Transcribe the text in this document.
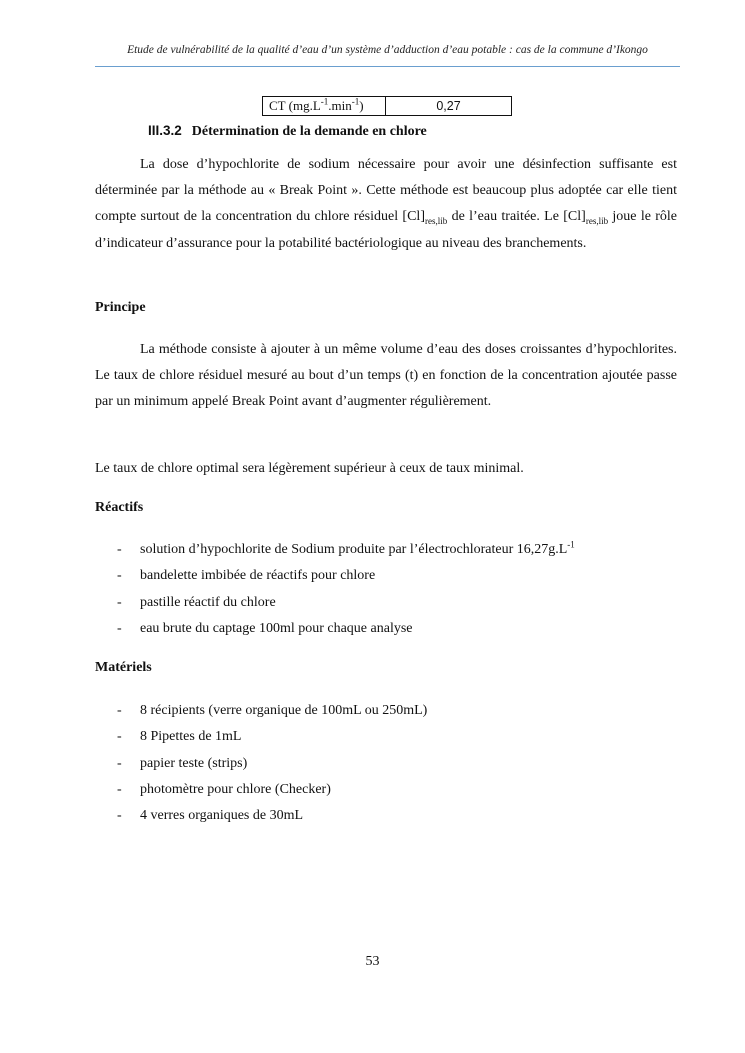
Etude de vulnérabilité de la qualité d’eau d’un système d’adduction d’eau potable : cas de la commune d’Ikongo
CT $(mg.L^{-1}.\min^{-1})$	0,27
III.3.2 Détermination de la demande en chlore

La dose d’hypochlorite de sodium nécessaire pour avoir une désinfection suffisante est déterminée par la méthode au « Break Point ». Cette méthode est beaucoup plus adoptée car elle tient compte surtout de la concentration du chlore résiduel $[Cl]_{res,lib}$ de l’eau traitée. Le $[Cl]_{res,lib}$ joue le rôle d’indicateur d’assurance pour la potabilité bactériologique au niveau des branchements.

Principe

La méthode consiste à ajouter à un même volume d’eau des doses croissantes d’hypochlorites. Le taux de chlore résiduel mesuré au bout d’un temps (t) en fonction de la concentration ajoutée passe par un minimum appelé Break Point avant d’augmenter régulièrement.

Le taux de chlore optimal sera légèrement supérieur à ceux de taux minimal.

Réactifs

- solution d’hypochlorite de Sodium produite par l’électrochlorateur $16,27g.L^{-1}$
- bandelette imbibée de réactifs pour chlore
- pastille réactif du chlore
- eau brute du captage 100ml pour chaque analyse

Matériels

- 8 récipients (verre organique de 100mL ou 250mL)
- 8 Pipettes de 1mL
- papier teste (strips)
- photomètre pour chlore (Checker)
- 4 verres organiques de 30mL
53
